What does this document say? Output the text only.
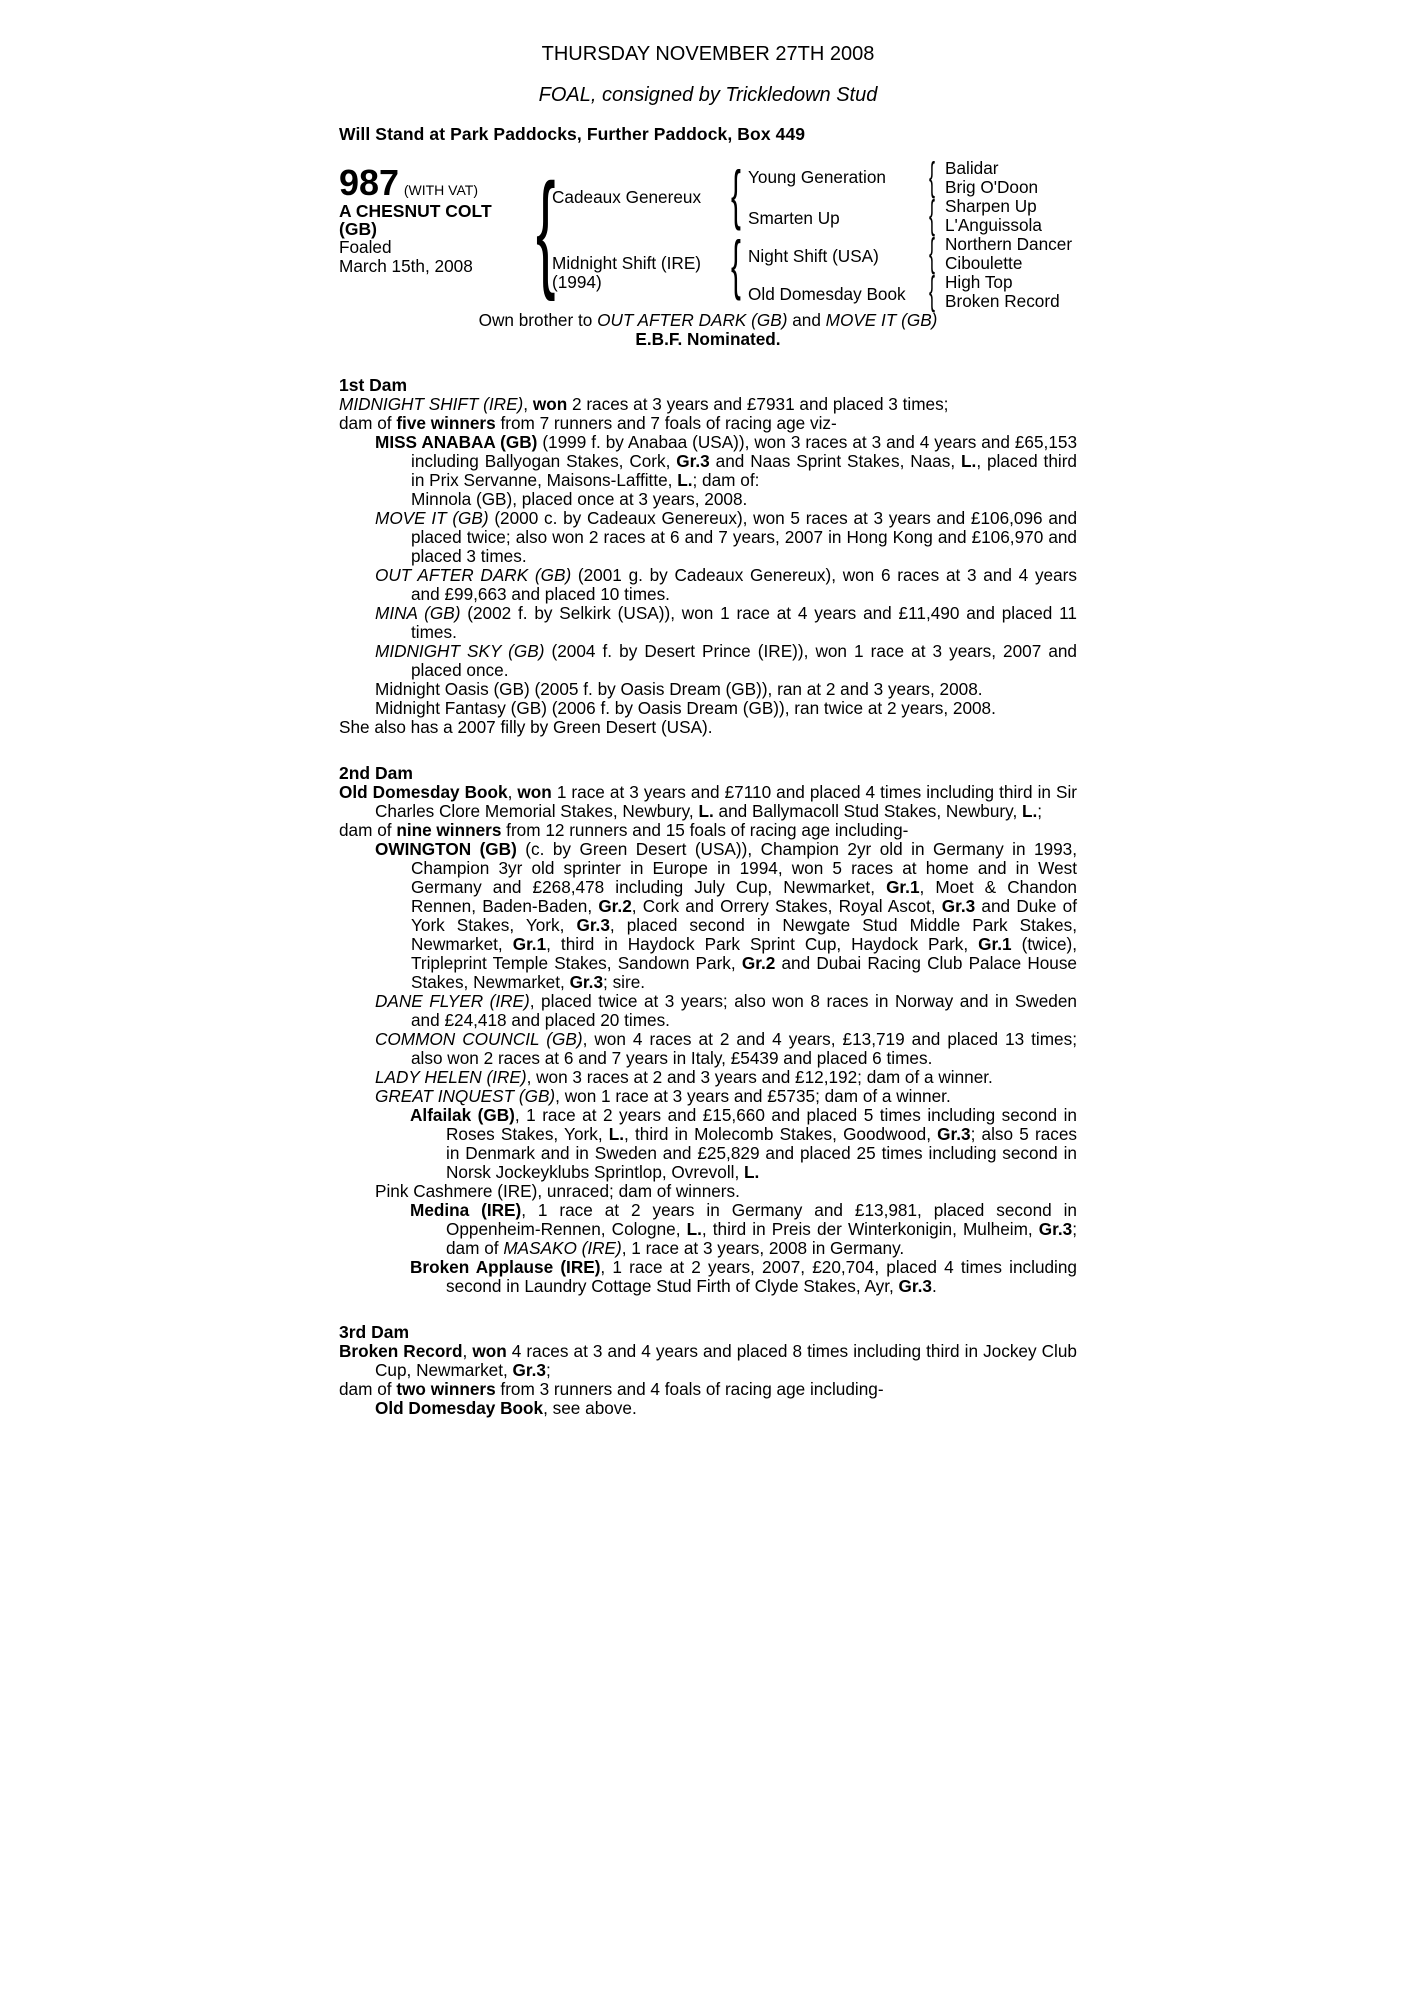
THURSDAY NOVEMBER 27TH 2008
FOAL, consigned by Trickledown Stud
Will Stand at Park Paddocks, Further Paddock, Box 449
987 (WITH VAT)
A CHESNUT COLT
(GB)
Foaled
March 15th, 2008 {
Cadeaux Genereux
Midnight Shift (IRE)
(1994)
{
{
Young Generation
Smarten Up
Night Shift (USA)
Old Domesday Book
{
{
{
{
Balidar
Brig O'Doon
Sharpen Up
L'Anguissola
Northern Dancer
Ciboulette
High Top
Broken Record
Own brother to OUT AFTER DARK (GB) and MOVE IT (GB)
E.B.F. Nominated.
1st Dam
MIDNIGHT SHIFT (IRE), won 2 races at 3 years and £7931 and placed 3 times;
dam of five winners from 7 runners and 7 foals of racing age viz-
MISS ANABAA (GB) (1999 f. by Anabaa (USA)), won 3 races at 3 and 4 years and £65,153 including Ballyogan Stakes, Cork, Gr.3 and Naas Sprint Stakes, Naas, L., placed third in Prix Servanne, Maisons-Laffitte, L.; dam of:
Minnola (GB), placed once at 3 years, 2008.
MOVE IT (GB) (2000 c. by Cadeaux Genereux), won 5 races at 3 years and £106,096 and placed twice; also won 2 races at 6 and 7 years, 2007 in Hong Kong and £106,970 and placed 3 times.
OUT AFTER DARK (GB) (2001 g. by Cadeaux Genereux), won 6 races at 3 and 4 years and £99,663 and placed 10 times.
MINA (GB) (2002 f. by Selkirk (USA)), won 1 race at 4 years and £11,490 and placed 11 times.
MIDNIGHT SKY (GB) (2004 f. by Desert Prince (IRE)), won 1 race at 3 years, 2007 and placed once.
Midnight Oasis (GB) (2005 f. by Oasis Dream (GB)), ran at 2 and 3 years, 2008.
Midnight Fantasy (GB) (2006 f. by Oasis Dream (GB)), ran twice at 2 years, 2008.
She also has a 2007 filly by Green Desert (USA).
2nd Dam
Old Domesday Book, won 1 race at 3 years and £7110 and placed 4 times including third in Sir Charles Clore Memorial Stakes, Newbury, L. and Ballymacoll Stud Stakes, Newbury, L.;
dam of nine winners from 12 runners and 15 foals of racing age including-
OWINGTON (GB) (c. by Green Desert (USA)), Champion 2yr old in Germany in 1993, Champion 3yr old sprinter in Europe in 1994, won 5 races at home and in West Germany and £268,478 including July Cup, Newmarket, Gr.1, Moet & Chandon Rennen, Baden-Baden, Gr.2, Cork and Orrery Stakes, Royal Ascot, Gr.3 and Duke of York Stakes, York, Gr.3, placed second in Newgate Stud Middle Park Stakes, Newmarket, Gr.1, third in Haydock Park Sprint Cup, Haydock Park, Gr.1 (twice), Tripleprint Temple Stakes, Sandown Park, Gr.2 and Dubai Racing Club Palace House Stakes, Newmarket, Gr.3; sire.
DANE FLYER (IRE), placed twice at 3 years; also won 8 races in Norway and in Sweden and £24,418 and placed 20 times.
COMMON COUNCIL (GB), won 4 races at 2 and 4 years, £13,719 and placed 13 times; also won 2 races at 6 and 7 years in Italy, £5439 and placed 6 times.
LADY HELEN (IRE), won 3 races at 2 and 3 years and £12,192; dam of a winner.
GREAT INQUEST (GB), won 1 race at 3 years and £5735; dam of a winner.
Alfailak (GB), 1 race at 2 years and £15,660 and placed 5 times including second in Roses Stakes, York, L., third in Molecomb Stakes, Goodwood, Gr.3; also 5 races in Denmark and in Sweden and £25,829 and placed 25 times including second in Norsk Jockeyklubs Sprintlop, Ovrevoll, L.
Pink Cashmere (IRE), unraced; dam of winners.
Medina (IRE), 1 race at 2 years in Germany and £13,981, placed second in Oppenheim-Rennen, Cologne, L., third in Preis der Winterkonigin, Mulheim, Gr.3; dam of MASAKO (IRE), 1 race at 3 years, 2008 in Germany.
Broken Applause (IRE), 1 race at 2 years, 2007, £20,704, placed 4 times including second in Laundry Cottage Stud Firth of Clyde Stakes, Ayr, Gr.3.
3rd Dam
Broken Record, won 4 races at 3 and 4 years and placed 8 times including third in Jockey Club Cup, Newmarket, Gr.3;
dam of two winners from 3 runners and 4 foals of racing age including-
Old Domesday Book, see above.
